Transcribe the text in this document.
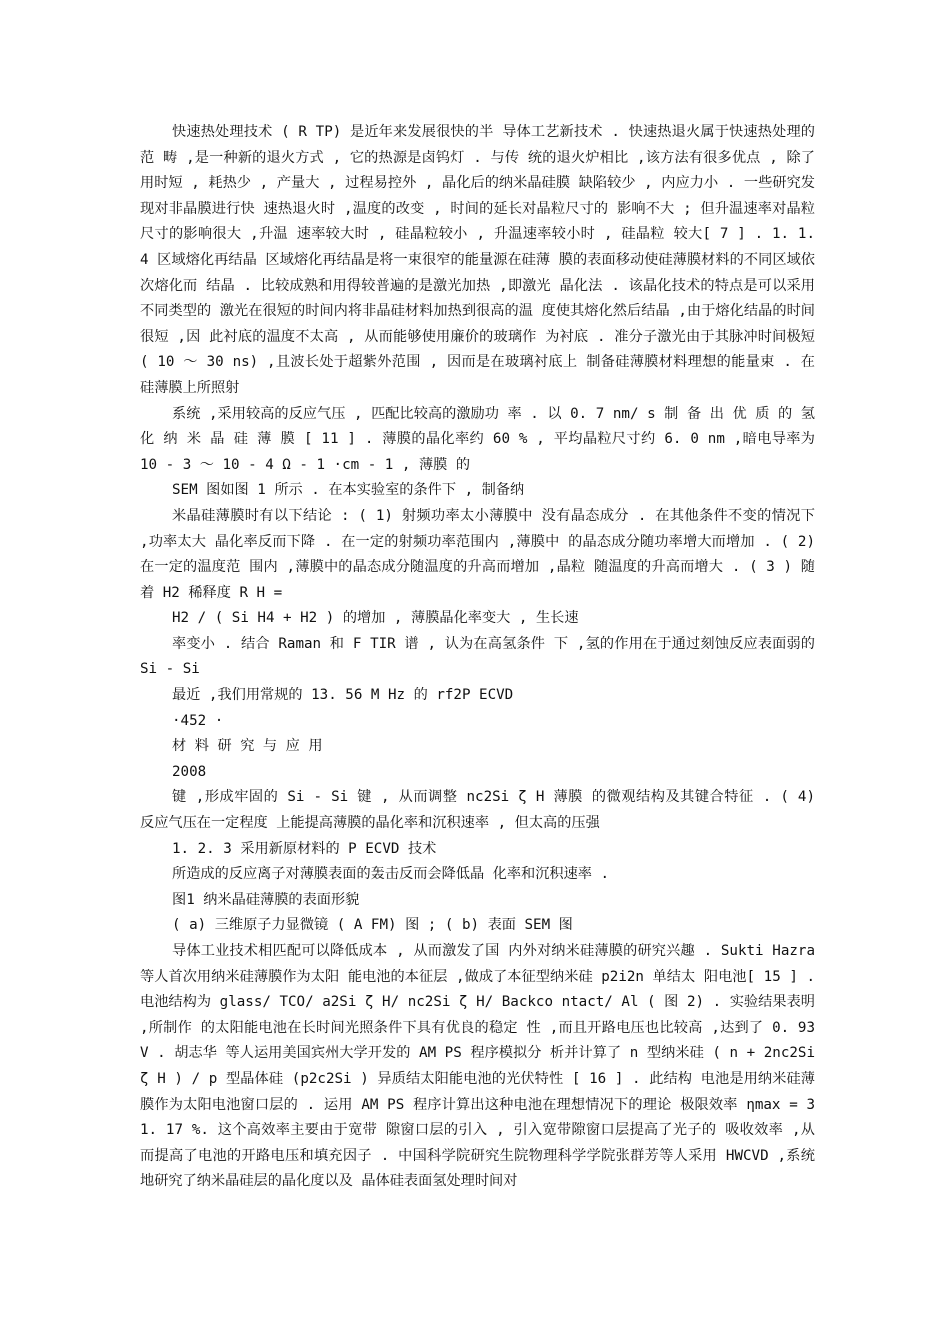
快速热处理技术 ( R TP) 是近年来发展很快的半 导体工艺新技术 . 快速热退火属于快速热处理的范 畴 ,是一种新的退火方式 , 它的热源是卤钨灯 . 与传 统的退火炉相比 ,该方法有很多优点 , 除了用时短 , 耗热少 , 产量大 , 过程易控外 , 晶化后的纳米晶硅膜 缺陷较少 , 内应力小 . 一些研究发现对非晶膜进行快 速热退火时 ,温度的改变 , 时间的延长对晶粒尺寸的 影响不大 ; 但升温速率对晶粒尺寸的影响很大 ,升温 速率较大时 , 硅晶粒较小 , 升温速率较小时 , 硅晶粒 较大[ 7 ] . 1. 1. 4 区域熔化再结晶 区域熔化再结晶是将一束很窄的能量源在硅薄 膜的表面移动使硅薄膜材料的不同区域依次熔化而 结晶 . 比较成熟和用得较普遍的是激光加热 ,即激光 晶化法 . 该晶化技术的特点是可以采用不同类型的 激光在很短的时间内将非晶硅材料加热到很高的温 度使其熔化然后结晶 ,由于熔化结晶的时间很短 ,因 此衬底的温度不太高 , 从而能够使用廉价的玻璃作 为衬底 . 准分子激光由于其脉冲时间极短 ( 10 ～ 30 ns) ,且波长处于超紫外范围 , 因而是在玻璃衬底上 制备硅薄膜材料理想的能量束 . 在硅薄膜上所照射

系统 ,采用较高的反应气压 , 匹配比较高的激励功 率 . 以 0. 7 nm/ s 制 备 出 优 质 的 氢 化 纳 米 晶 硅 薄 膜 [ 11 ] . 薄膜的晶化率约 60 % , 平均晶粒尺寸约 6. 0 nm ,暗电导率为 10 - 3 ～ 10 - 4 Ω - 1 ·cm - 1 , 薄膜 的

SEM 图如图 1 所示 . 在本实验室的条件下 , 制备纳

米晶硅薄膜时有以下结论 : ( 1) 射频功率太小薄膜中 没有晶态成分 . 在其他条件不变的情况下 ,功率太大 晶化率反而下降 . 在一定的射频功率范围内 ,薄膜中 的晶态成分随功率增大而增加 . ( 2) 在一定的温度范 围内 ,薄膜中的晶态成分随温度的升高而增加 ,晶粒 随温度的升高而增大 . ( 3 ) 随着 H2 稀释度 R H =

H2 / ( Si H4 + H2 ) 的增加 , 薄膜晶化率变大 , 生长速

率变小 . 结合 Raman 和 F TIR 谱 , 认为在高氢条件 下 ,氢的作用在于通过刻蚀反应表面弱的 Si - Si

最近 ,我们用常规的 13. 56 M Hz 的 rf2P ECVD

·452 ·

材 料 研 究 与 应 用

2008

键 ,形成牢固的 Si - Si 键 , 从而调整 nc2Si ζ H 薄膜 的微观结构及其键合特征 . ( 4) 反应气压在一定程度 上能提高薄膜的晶化率和沉积速率 , 但太高的压强

1. 2. 3 采用新原材料的 P ECVD 技术

所造成的反应离子对薄膜表面的轰击反而会降低晶 化率和沉积速率 .

图1 纳米晶硅薄膜的表面形貌

( a) 三维原子力显微镜 ( A FM) 图 ; ( b) 表面 SEM 图

导体工业技术相匹配可以降低成本 , 从而激发了国 内外对纳米硅薄膜的研究兴趣 . Sukti Hazra 等人首次用纳米硅薄膜作为太阳 能电池的本征层 ,做成了本征型纳米硅 p2i2n 单结太 阳电池[ 15 ] . 电池结构为 glass/ TCO/ a2Si ζ H/ nc2Si ζ H/ Backco ntact/ Al ( 图 2) . 实验结果表明 ,所制作 的太阳能电池在长时间光照条件下具有优良的稳定 性 ,而且开路电压也比较高 ,达到了 0. 93 V . 胡志华 等人运用美国宾州大学开发的 AM PS 程序模拟分 析并计算了 n 型纳米硅 ( n + 2nc2Si ζ H ) / p 型晶体硅 (p2c2Si ) 异质结太阳能电池的光伏特性 [ 16 ] . 此结构 电池是用纳米硅薄膜作为太阳电池窗口层的 . 运用 AM PS 程序计算出这种电池在理想情况下的理论 极限效率 ηmax = 31. 17 %. 这个高效率主要由于宽带 隙窗口层的引入 , 引入宽带隙窗口层提高了光子的 吸收效率 ,从而提高了电池的开路电压和填充因子 . 中国科学院研究生院物理科学学院张群芳等人采用 HWCVD ,系统地研究了纳米晶硅层的晶化度以及 晶体硅表面氢处理时间对
